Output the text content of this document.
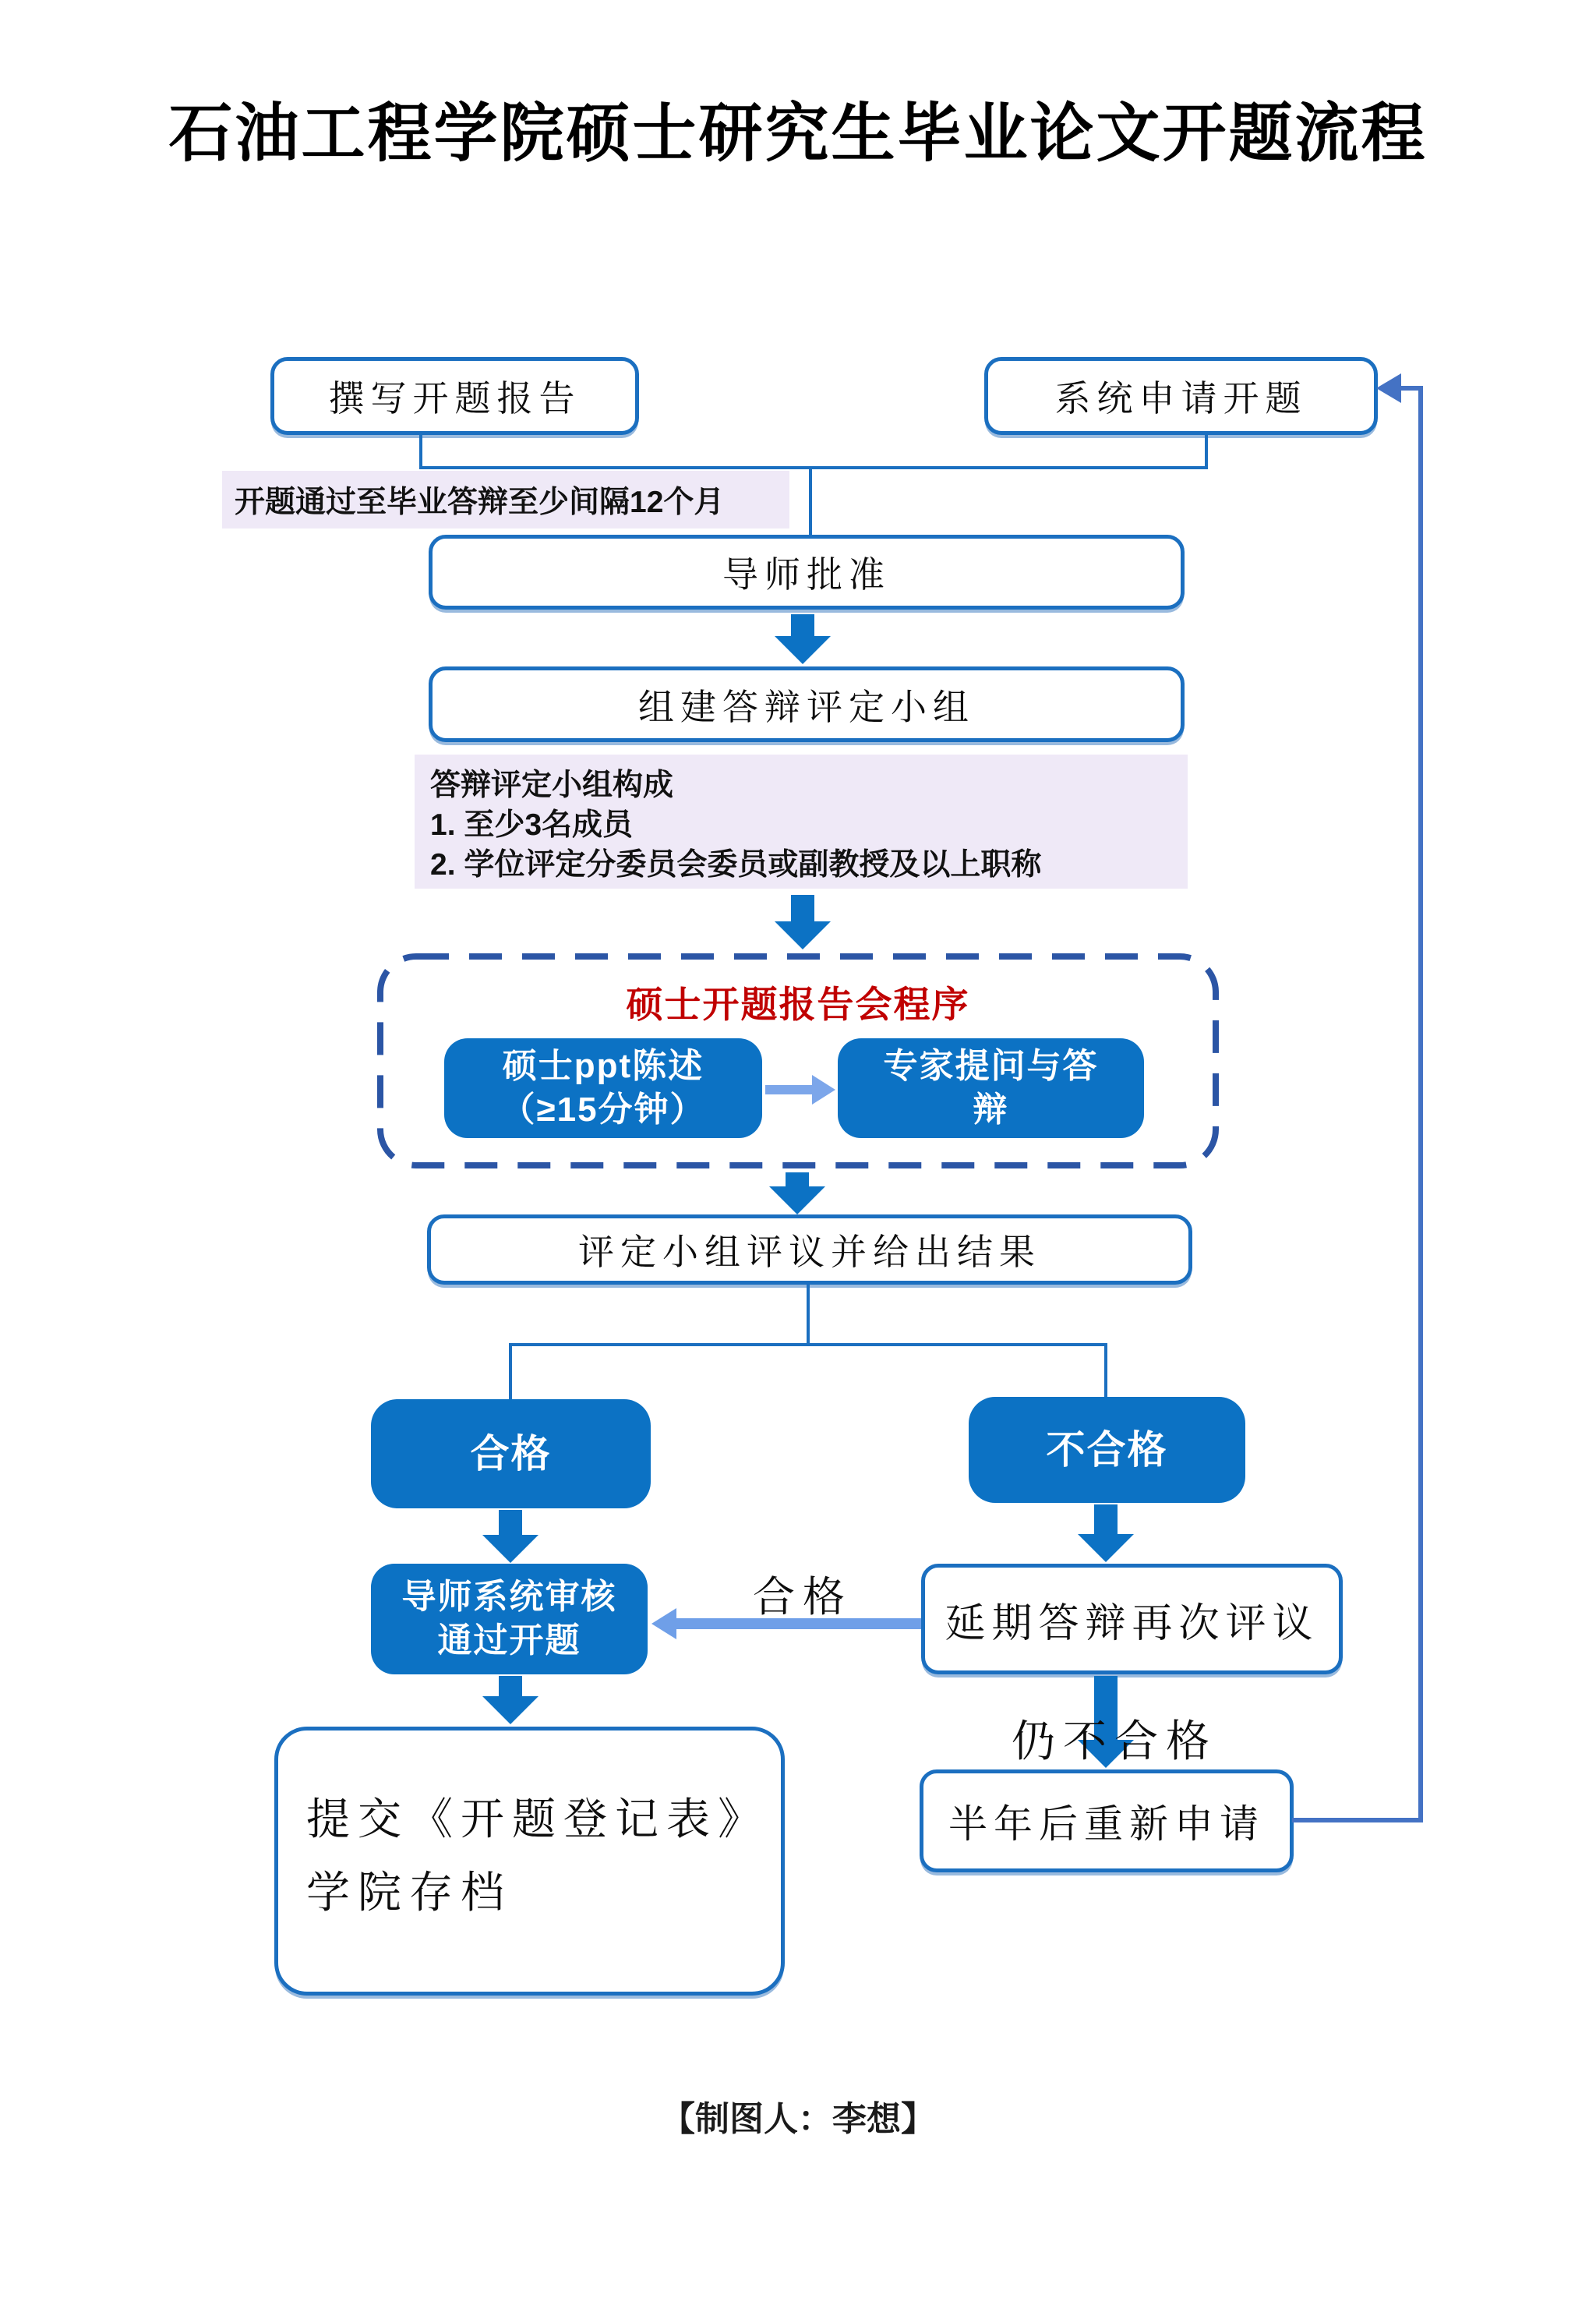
石油工程学院硕士研究生毕业论文开题流程
撰写开题报告	系统申请开题
开题通过至毕业答辩至少间隔12个月
导师批准
组建答辩评定小组
答辩评定小组构成
1. 至少3名成员
2. 学位评定分委员会委员或副教授及以上职称
硕士开题报告会程序
硕士ppt陈述
（≥15分钟）
专家提问与答
辩
评定小组评议并给出结果
合格	不合格
导师系统审核
通过开题	延期答辩再次评议
合格
仍不合格
提交《开题登记表》学院存档
半年后重新申请
【制图人：李想】
